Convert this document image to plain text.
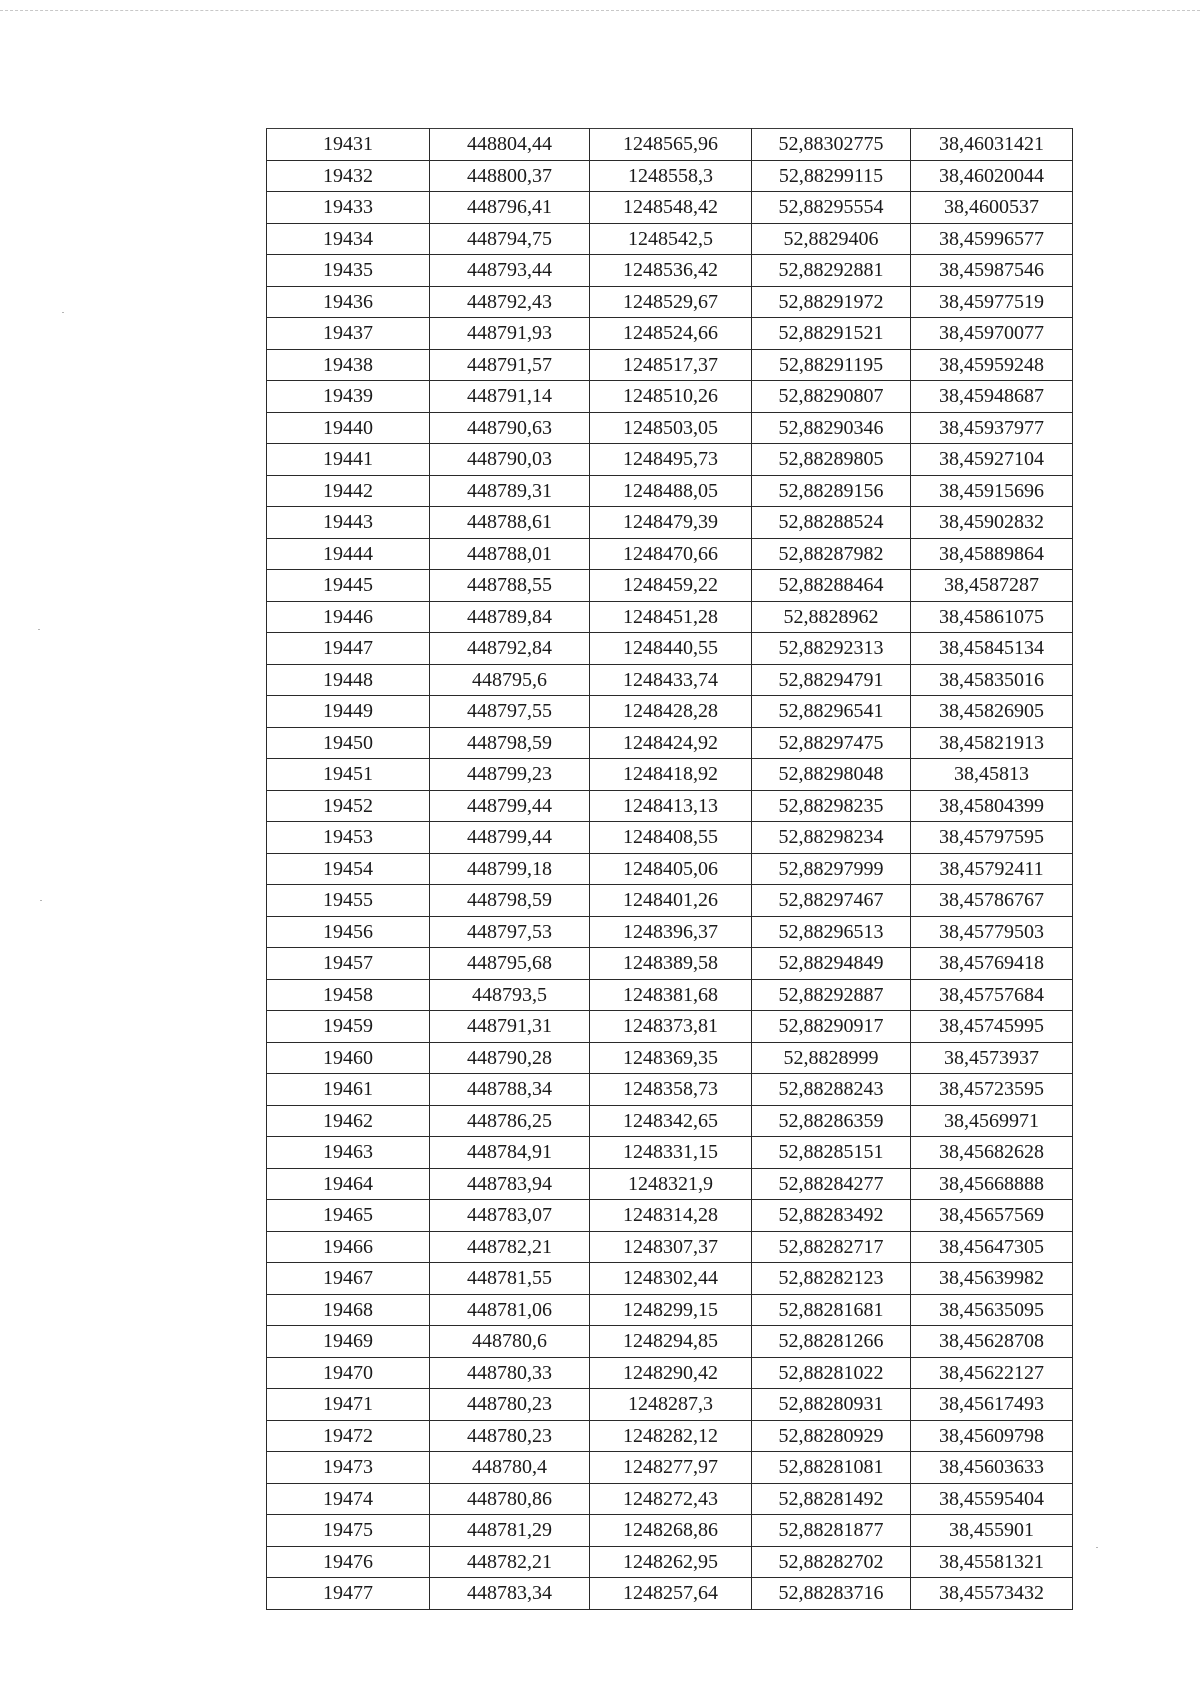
19431	448804,44	1248565,96	52,88302775	38,46031421
19432	448800,37	1248558,3	52,88299115	38,46020044
19433	448796,41	1248548,42	52,88295554	38,4600537
19434	448794,75	1248542,5	52,8829406	38,45996577
19435	448793,44	1248536,42	52,88292881	38,45987546
19436	448792,43	1248529,67	52,88291972	38,45977519
19437	448791,93	1248524,66	52,88291521	38,45970077
19438	448791,57	1248517,37	52,88291195	38,45959248
19439	448791,14	1248510,26	52,88290807	38,45948687
19440	448790,63	1248503,05	52,88290346	38,45937977
19441	448790,03	1248495,73	52,88289805	38,45927104
19442	448789,31	1248488,05	52,88289156	38,45915696
19443	448788,61	1248479,39	52,88288524	38,45902832
19444	448788,01	1248470,66	52,88287982	38,45889864
19445	448788,55	1248459,22	52,88288464	38,4587287
19446	448789,84	1248451,28	52,8828962	38,45861075
19447	448792,84	1248440,55	52,88292313	38,45845134
19448	448795,6	1248433,74	52,88294791	38,45835016
19449	448797,55	1248428,28	52,88296541	38,45826905
19450	448798,59	1248424,92	52,88297475	38,45821913
19451	448799,23	1248418,92	52,88298048	38,45813
19452	448799,44	1248413,13	52,88298235	38,45804399
19453	448799,44	1248408,55	52,88298234	38,45797595
19454	448799,18	1248405,06	52,88297999	38,45792411
19455	448798,59	1248401,26	52,88297467	38,45786767
19456	448797,53	1248396,37	52,88296513	38,45779503
19457	448795,68	1248389,58	52,88294849	38,45769418
19458	448793,5	1248381,68	52,88292887	38,45757684
19459	448791,31	1248373,81	52,88290917	38,45745995
19460	448790,28	1248369,35	52,8828999	38,4573937
19461	448788,34	1248358,73	52,88288243	38,45723595
19462	448786,25	1248342,65	52,88286359	38,4569971
19463	448784,91	1248331,15	52,88285151	38,45682628
19464	448783,94	1248321,9	52,88284277	38,45668888
19465	448783,07	1248314,28	52,88283492	38,45657569
19466	448782,21	1248307,37	52,88282717	38,45647305
19467	448781,55	1248302,44	52,88282123	38,45639982
19468	448781,06	1248299,15	52,88281681	38,45635095
19469	448780,6	1248294,85	52,88281266	38,45628708
19470	448780,33	1248290,42	52,88281022	38,45622127
19471	448780,23	1248287,3	52,88280931	38,45617493
19472	448780,23	1248282,12	52,88280929	38,45609798
19473	448780,4	1248277,97	52,88281081	38,45603633
19474	448780,86	1248272,43	52,88281492	38,45595404
19475	448781,29	1248268,86	52,88281877	38,455901
19476	448782,21	1248262,95	52,88282702	38,45581321
19477	448783,34	1248257,64	52,88283716	38,45573432
